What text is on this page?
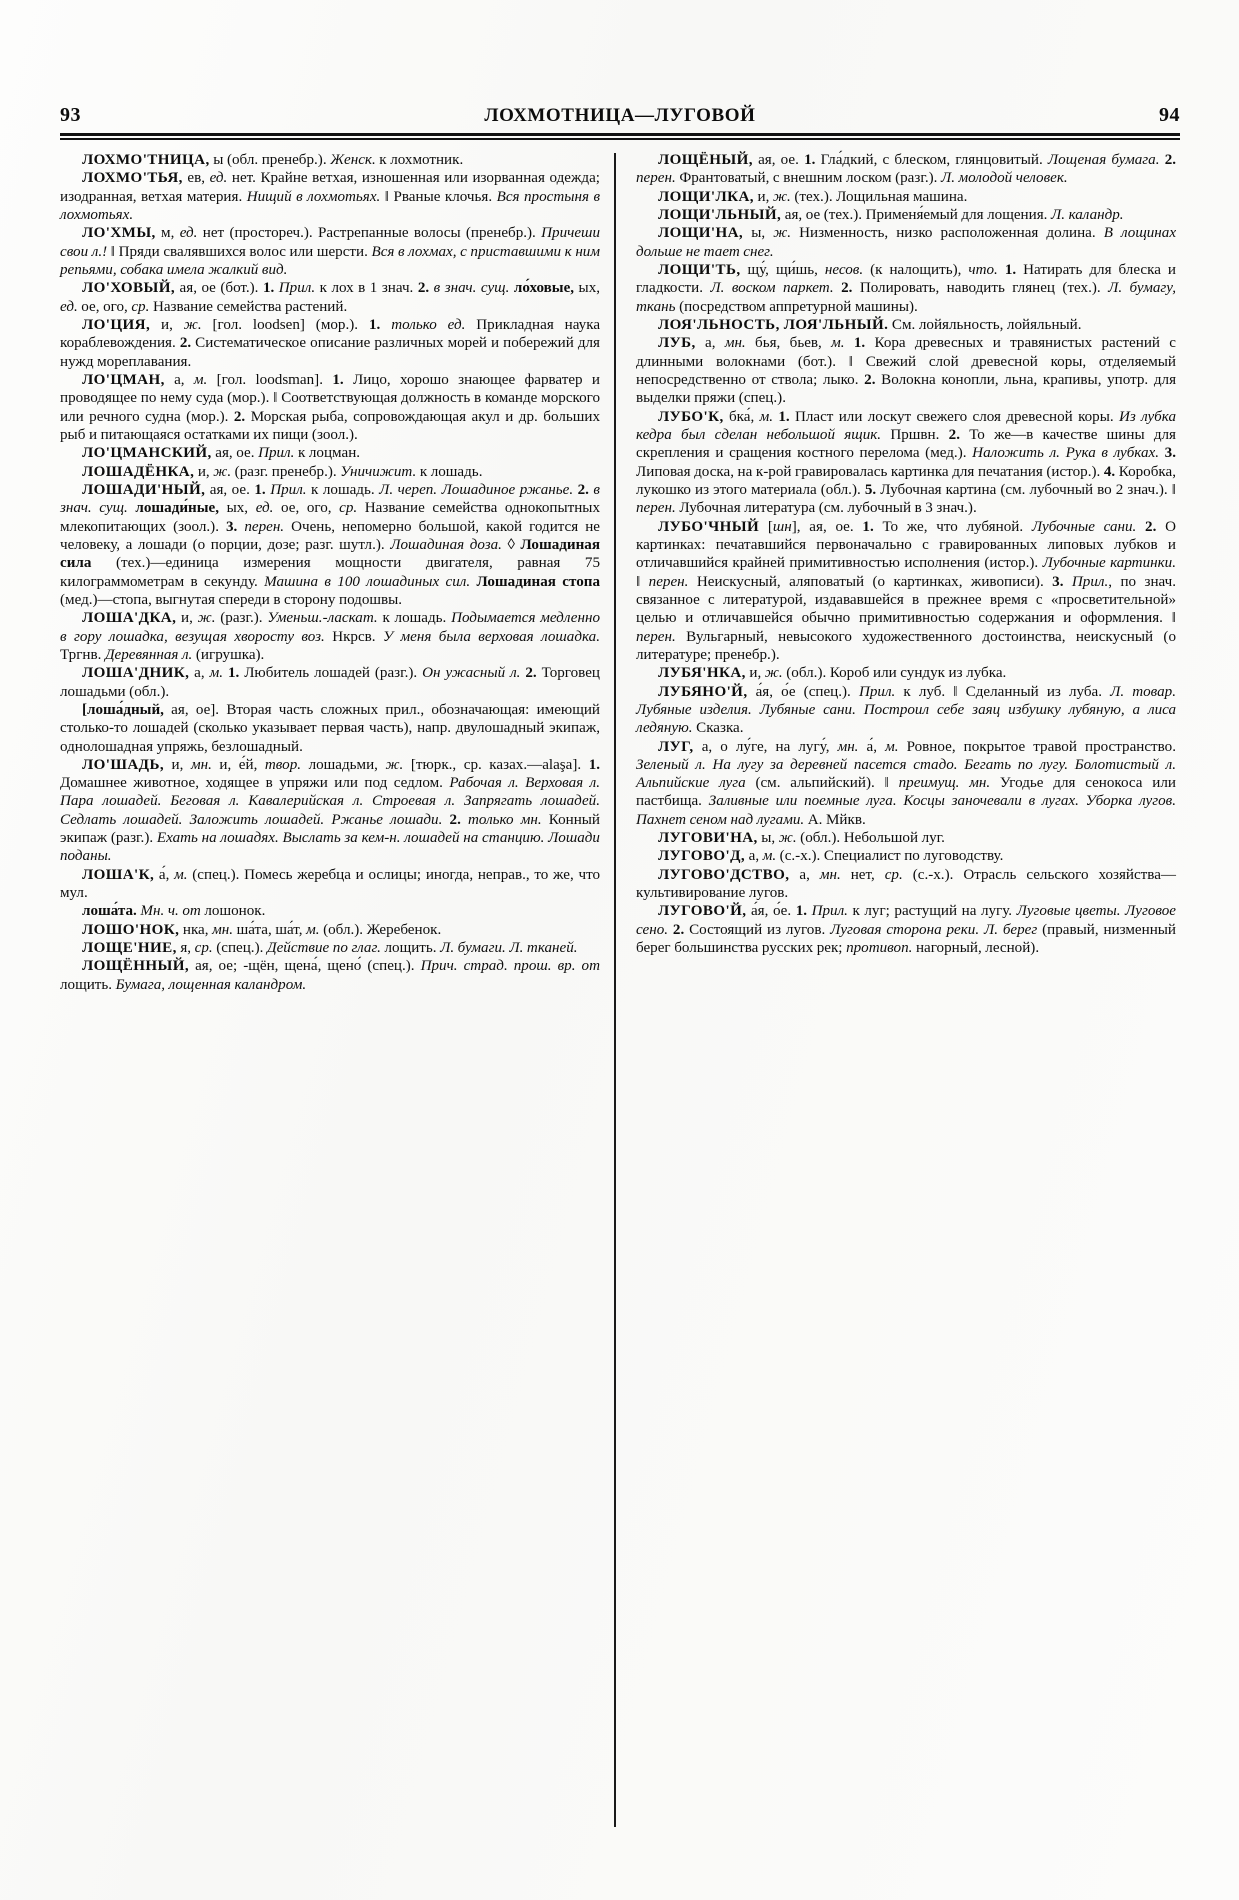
93	ЛОХМОТНИЦА—ЛУГОВОЙ	94

ЛОХМО'ТНИЦА, ы (обл. пренебр.). Женск. к лохмотник.

ЛОХМО'ТЬЯ, ев, ед. нет. Крайне ветхая, изношенная или изорванная одежда; изодранная, ветхая материя. Нищий в лохмотьях. ‖ Рваные клочья. Вся простыня в лохмотьях.

ЛО'ХМЫ, м, ед. нет (простореч.). Растрепанные волосы (пренебр.). Причеши свои л.! ‖ Пряди свалявшихся волос или шерсти. Вся в лохмах, с приставшими к ним репьями, собака имела жалкий вид.

ЛО'ХОВЫЙ, ая, ое (бот.). 1. Прил. к лох в 1 знач. 2. в знач. сущ. ло́ховые, ых, ед. ое, ого, ср. Название семейства растений.

ЛО'ЦИЯ, и, ж. [гол. loodsen] (мор.). 1. только ед. Прикладная наука кораблевождения. 2. Систематическое описание различных морей и побережий для нужд мореплавания.

ЛО'ЦМАН, а, м. [гол. loodsman]. 1. Лицо, хорошо знающее фарватер и проводящее по нему суда (мор.). ‖ Соответствующая должность в команде морского или речного судна (мор.). 2. Морская рыба, сопровождающая акул и др. больших рыб и питающаяся остатками их пищи (зоол.).

ЛО'ЦМАНСКИЙ, ая, ое. Прил. к лоцман.

ЛОШАДЁНКА, и, ж. (разг. пренебр.). Уничижит. к лошадь.

ЛОШАДИ'НЫЙ, ая, ое. 1. Прил. к лошадь. Л. череп. Лошадиное ржанье. 2. в знач. сущ. лошади́ные, ых, ед. ое, ого, ср. Название семейства однокопытных млекопитающих (зоол.). 3. перен. Очень, непомерно большой, какой годится не человеку, а лошади (о порции, дозе; разг. шутл.). Лошадиная доза. ◊ Лошадиная сила (тех.)—единица измерения мощности двигателя, равная 75 килограммометрам в секунду. Машина в 100 лошадиных сил. Лошадиная стопа (мед.)—стопа, выгнутая спереди в сторону подошвы.

ЛОША'ДКА, и, ж. (разг.). Уменьш.-ласкат. к лошадь. Подымается медленно в гору лошадка, везущая хворосту воз. Нкрсв. У меня была верховая лошадка. Тргнв. Деревянная л. (игрушка).

ЛОША'ДНИК, а, м. 1. Любитель лошадей (разг.). Он ужасный л. 2. Торговец лошадьми (обл.).

[лоша́дный, ая, ое]. Вторая часть сложных прил., обозначающая: имеющий столько-то лошадей (сколько указывает первая часть), напр. двулошадный экипаж, однолошадная упряжь, безлошадный.

ЛО'ШАДЬ, и, мн. и, е́й, твор. лошадьми, ж. [тюрк., ср. казах.—alaşa]. 1. Домашнее животное, ходящее в упряжи или под седлом. Рабочая л. Верховая л. Пара лошадей. Беговая л. Кавалерийская л. Строевая л. Запрягать лошадей. Седлать лошадей. Заложить лошадей. Ржанье лошади. 2. только мн. Конный экипаж (разг.). Ехать на лошадях. Выслать за кем-н. лошадей на станцию. Лошади поданы.

ЛОША'К, а́, м. (спец.). Помесь жеребца и ослицы; иногда, неправ., то же, что мул.

лоша́та. Мн. ч. от лошонок.

ЛОШО'НОК, нка, мн. ша́та, ша́т, м. (обл.). Жеребенок.

ЛОЩЕ'НИЕ, я, ср. (спец.). Действие по глаг. лощить. Л. бумаги. Л. тканей.

ЛОЩЁННЫЙ, ая, ое; -щён, щена́, щено́ (спец.). Прич. страд. прош. вр. от лощить. Бумага, лощенная каландром.

ЛОЩЁНЫЙ, ая, ое. 1. Гла́дкий, с блеском, глянцовитый. Лощеная бумага. 2. перен. Франтоватый, с внешним лоском (разг.). Л. молодой человек.

ЛОЩИ'ЛКА, и, ж. (тех.). Лощильная машина.

ЛОЩИ'ЛЬНЫЙ, ая, ое (тех.). Применя́емый для лощения. Л. каландр.

ЛОЩИ'НА, ы, ж. Низменность, низко расположенная долина. В лощинах дольше не тает снег.

ЛОЩИ'ТЬ, щу́, щи́шь, несов. (к налощить), что. 1. Натирать для блеска и гладкости. Л. воском паркет. 2. Полировать, наводить глянец (тех.). Л. бумагу, ткань (посредством аппретурной машины).

ЛОЯ'ЛЬНОСТЬ, ЛОЯ'ЛЬНЫЙ. См. лойяльность, лойяльный.

ЛУБ, а, мн. бья, бьев, м. 1. Кора древесных и травянистых растений с длинными волокнами (бот.). ‖ Свежий слой древесной коры, отделяемый непосредственно от ствола; лыко. 2. Волокна конопли, льна, крапивы, употр. для выделки пряжи (спец.).

ЛУБО'К, бка́, м. 1. Пласт или лоскут свежего слоя древесной коры. Из лубка кедра был сделан небольшой ящик. Пршвн. 2. То же—в качестве шины для скрепления и сращения костного перелома (мед.). Наложить л. Рука в лубках. 3. Липовая доска, на к-рой гравировалась картинка для печатания (истор.). 4. Коробка, лукошко из этого материала (обл.). 5. Лубочная картина (см. лубочный во 2 знач.). ‖ перен. Лубочная литература (см. лубочный в 3 знач.).

ЛУБО'ЧНЫЙ [шн], ая, ое. 1. То же, что лубяной. Лубочные сани. 2. О картинках: печатавшийся первоначально с гравированных липовых лубков и отличавшийся крайней примитивностью исполнения (истор.). Лубочные картинки. ‖ перен. Неискусный, аляповатый (о картинках, живописи). 3. Прил., по знач. связанное с литературой, издававшейся в прежнее время с «просветительной» целью и отличавшейся обычно примитивностью содержания и оформления. ‖ перен. Вульгарный, невысокого художественного достоинства, неискусный (о литературе; пренебр.).

ЛУБЯ'НКА, и, ж. (обл.). Короб или сундук из лубка.

ЛУБЯНО'Й, а́я, о́е (спец.). Прил. к луб. ‖ Сделанный из луба. Л. товар. Лубяные изделия. Лубяные сани. Построил себе заяц избушку лубяную, а лиса ледяную. Сказка.

ЛУГ, а, о лу́ге, на лугу́, мн. а́, м. Ровное, покрытое травой пространство. Зеленый л. На лугу за деревней пасется стадо. Бегать по лугу. Болотистый л. Альпийские луга (см. альпийский). ‖ преимущ. мн. Угодье для сенокоса или пастбища. Заливные или поемные луга. Косцы заночевали в лугах. Уборка лугов. Пахнет сеном над лугами. А. Мйкв.

ЛУГОВИ'НА, ы, ж. (обл.). Небольшой луг.

ЛУГОВО'Д, а, м. (с.-х.). Специалист по луговодству.

ЛУГОВО'ДСТВО, а, мн. нет, ср. (с.-х.). Отрасль сельского хозяйства—культивирование лугов.

ЛУГОВО'Й, а́я, о́е. 1. Прил. к луг; растущий на лугу. Луговые цветы. Луговое сено. 2. Состоящий из лугов. Луговая сторона реки. Л. берег (правый, низменный берег большинства русских рек; противоп. нагорный, лесной).
